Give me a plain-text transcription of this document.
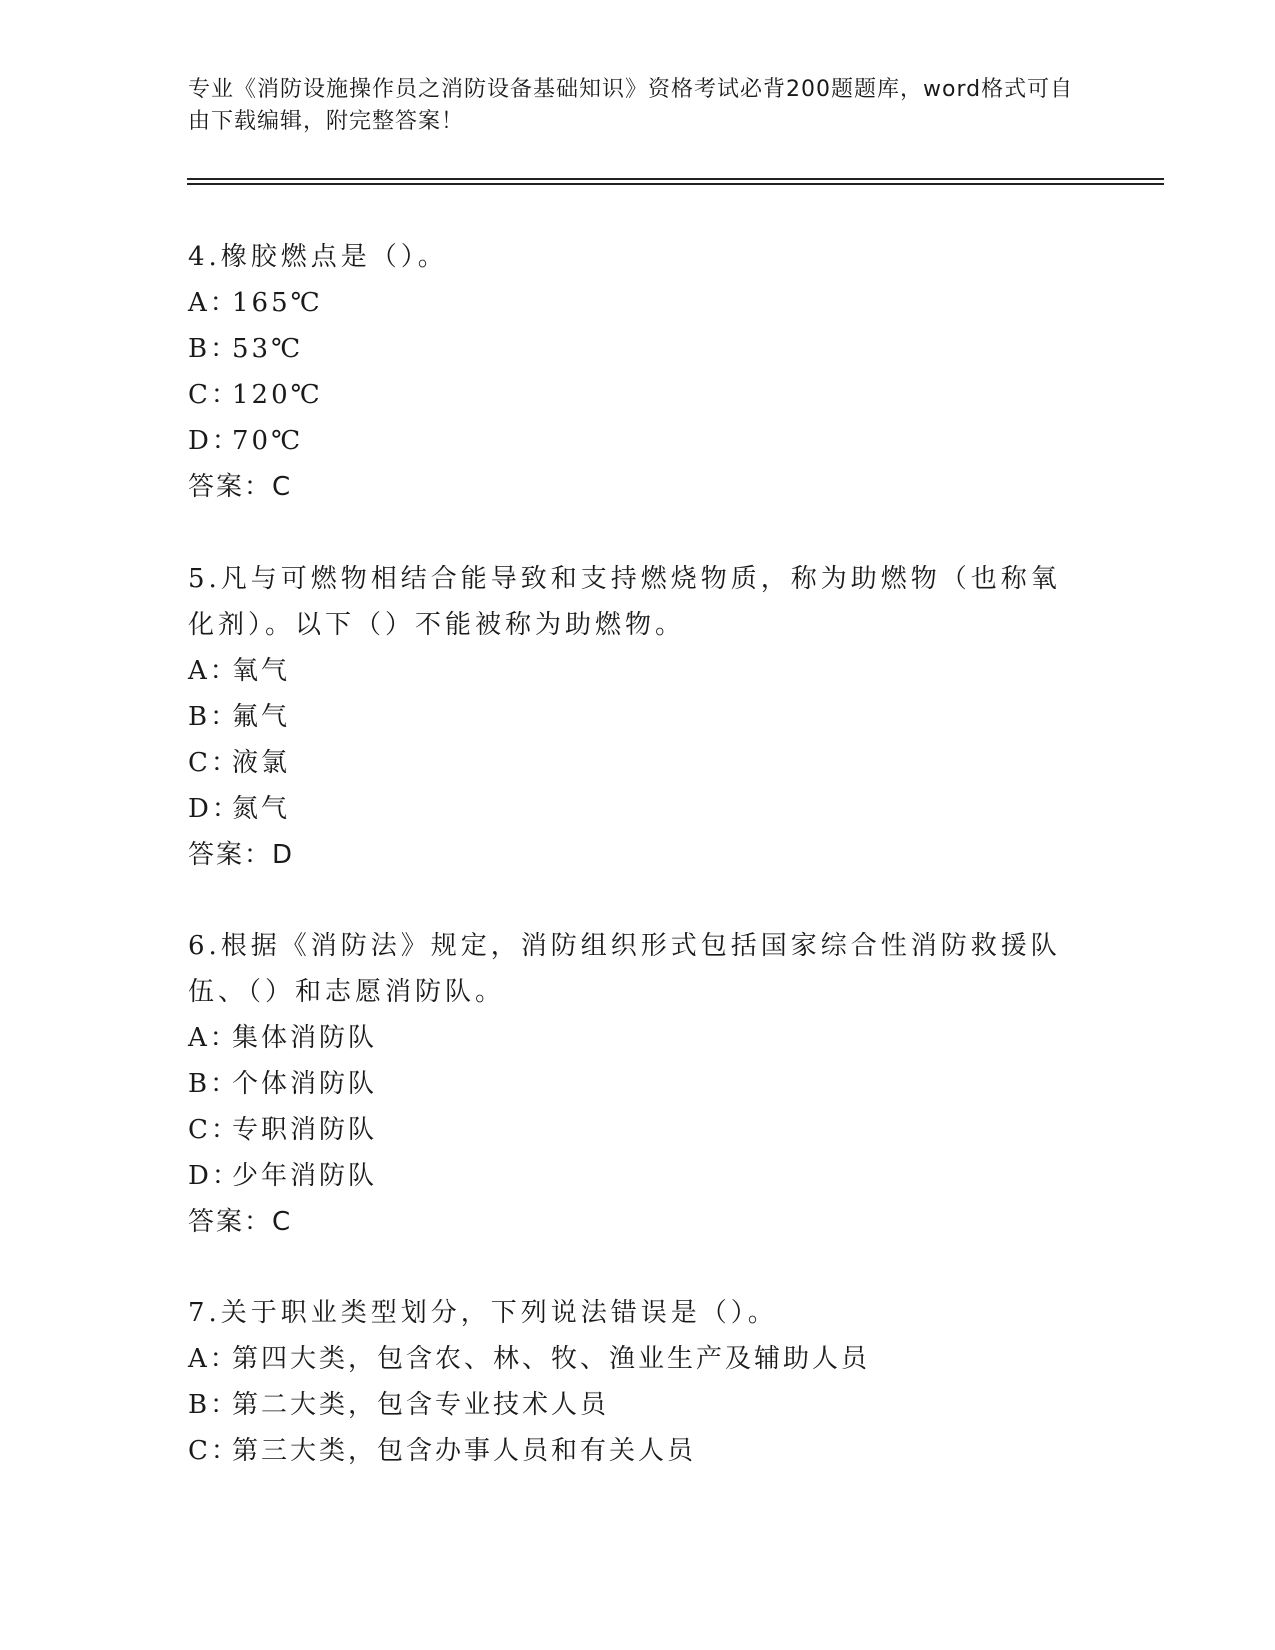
专业《消防设施操作员之消防设备基础知识》资格考试必背200题题库，word格式可自由下载编辑，附完整答案！

4.橡胶燃点是（）。

A：165℃

B：53℃

C：120℃

D：70℃

答案：C

5.凡与可燃物相结合能导致和支持燃烧物质，称为助燃物（也称氧化剂）。以下（）不能被称为助燃物。

A：氧气

B：氟气

C：液氯

D：氮气

答案：D

6.根据《消防法》规定，消防组织形式包括国家综合性消防救援队伍、（）和志愿消防队。

A：集体消防队

B：个体消防队

C：专职消防队

D：少年消防队

答案：C

7.关于职业类型划分，下列说法错误是（）。

A：第四大类，包含农、林、牧、渔业生产及辅助人员

B：第二大类，包含专业技术人员

C：第三大类，包含办事人员和有关人员
